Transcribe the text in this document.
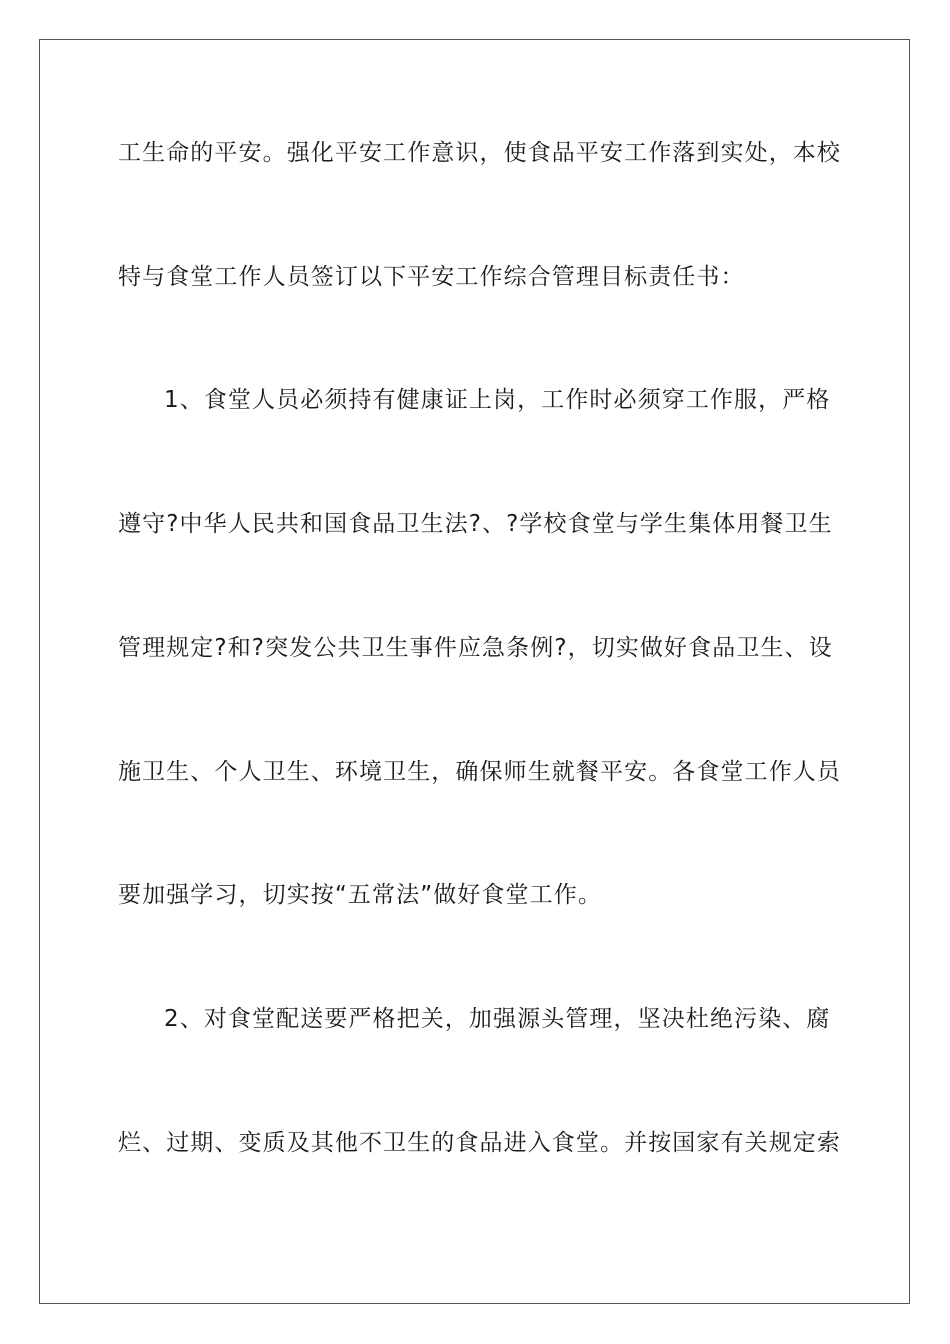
工生命的平安。强化平安工作意识，使食品平安工作落到实处，本校
特与食堂工作人员签订以下平安工作综合管理目标责任书：
1、食堂人员必须持有健康证上岗，工作时必须穿工作服，严格
遵守?中华人民共和国食品卫生法?、?学校食堂与学生集体用餐卫生
管理规定?和?突发公共卫生事件应急条例?，切实做好食品卫生、设
施卫生、个人卫生、环境卫生，确保师生就餐平安。各食堂工作人员
要加强学习，切实按“五常法”做好食堂工作。
2、对食堂配送要严格把关，加强源头管理，坚决杜绝污染、腐
烂、过期、变质及其他不卫生的食品进入食堂。并按国家有关规定索
